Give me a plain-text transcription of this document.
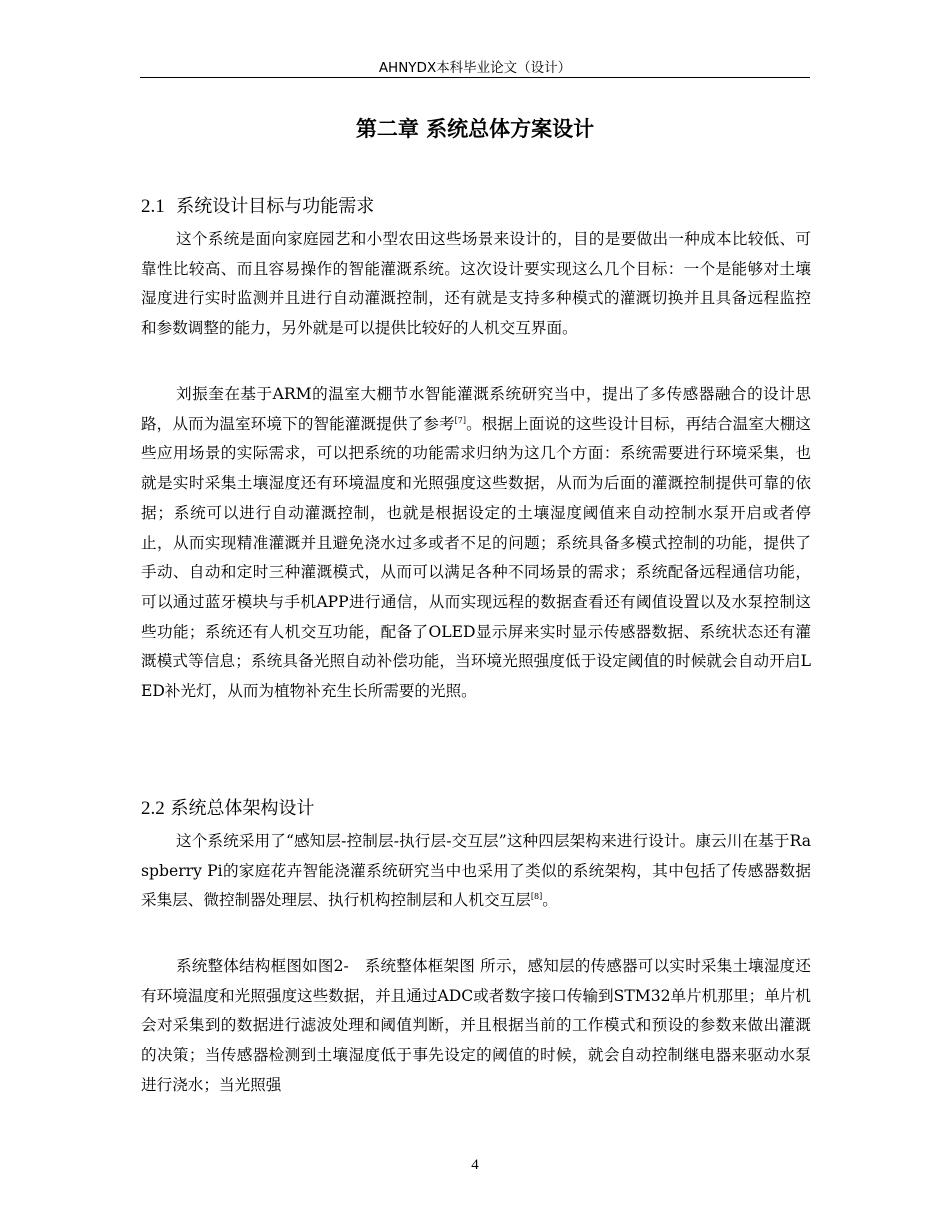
AHNYDX本科毕业论文（设计）
第二章 系统总体方案设计
2.1 系统设计目标与功能需求

这个系统是面向家庭园艺和小型农田这些场景来设计的，目的是要做出一种成本比较低、可靠性比较高、而且容易操作的智能灌溉系统。这次设计要实现这么几个目标：一个是能够对土壤湿度进行实时监测并且进行自动灌溉控制，还有就是支持多种模式的灌溉切换并且具备远程监控和参数调整的能力，另外就是可以提供比较好的人机交互界面。

刘振奎在基于ARM的温室大棚节水智能灌溉系统研究当中，提出了多传感器融合的设计思路，从而为温室环境下的智能灌溉提供了参考[7]。根据上面说的这些设计目标，再结合温室大棚这些应用场景的实际需求，可以把系统的功能需求归纳为这几个方面：系统需要进行环境采集，也就是实时采集土壤湿度还有环境温度和光照强度这些数据，从而为后面的灌溉控制提供可靠的依据；系统可以进行自动灌溉控制，也就是根据设定的土壤湿度阈值来自动控制水泵开启或者停止，从而实现精准灌溉并且避免浇水过多或者不足的问题；系统具备多模式控制的功能，提供了手动、自动和定时三种灌溉模式，从而可以满足各种不同场景的需求；系统配备远程通信功能，可以通过蓝牙模块与手机APP进行通信，从而实现远程的数据查看还有阈值设置以及水泵控制这些功能；系统还有人机交互功能，配备了OLED显示屏来实时显示传感器数据、系统状态还有灌溉模式等信息；系统具备光照自动补偿功能，当环境光照强度低于设定阈值的时候就会自动开启LED补光灯，从而为植物补充生长所需要的光照。

2.2 系统总体架构设计

这个系统采用了“感知层-控制层-执行层-交互层”这种四层架构来进行设计。康云川在基于Raspberry Pi的家庭花卉智能浇灌系统研究当中也采用了类似的系统架构，其中包括了传感器数据采集层、微控制器处理层、执行机构控制层和人机交互层[8]。

系统整体结构框图如图2-　系统整体框架图 所示，感知层的传感器可以实时采集土壤湿度还有环境温度和光照强度这些数据，并且通过ADC或者数字接口传输到STM32单片机那里；单片机会对采集到的数据进行滤波处理和阈值判断，并且根据当前的工作模式和预设的参数来做出灌溉的决策；当传感器检测到土壤湿度低于事先设定的阈值的时候，就会自动控制继电器来驱动水泵进行浇水；当光照强

4
